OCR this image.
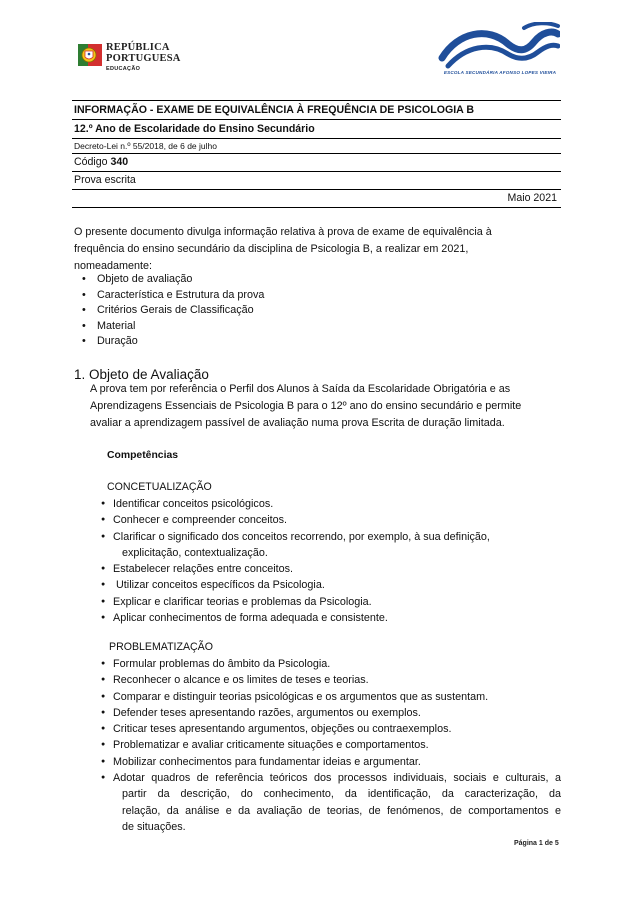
REPÚBLICA
PORTUGUESA
EDUCAÇÃO
ESCOLA SECUNDÁRIA AFONSO LOPES VIEIRA
INFORMAÇÃO - EXAME DE EQUIVALÊNCIA À FREQUÊNCIA DE PSICOLOGIA B
12.º Ano de Escolaridade do Ensino Secundário
Decreto-Lei n.º 55/2018, de 6 de julho
Código 340
Prova escrita
Maio 2021
O presente documento divulga informação relativa à prova de exame de equivalência à
frequência do ensino secundário da disciplina de Psicologia B, a realizar em 2021,
nomeadamente:
• Objeto de avaliação
• Característica e Estrutura da prova
• Critérios Gerais de Classificação
• Material
• Duração
1. Objeto de Avaliação
A prova tem por referência o Perfil dos Alunos à Saída da Escolaridade Obrigatória e as
Aprendizagens Essenciais de Psicologia B para o 12º ano do ensino secundário e permite
avaliar a aprendizagem passível de avaliação numa prova Escrita de duração limitada.
Competências
CONCETUALIZAÇÃO
● Identificar conceitos psicológicos.
● Conhecer e compreender conceitos.
● Clarificar o significado dos conceitos recorrendo, por exemplo, à sua definição,
explicitação, contextualização.
● Estabelecer relações entre conceitos.
●  Utilizar conceitos específicos da Psicologia.
● Explicar e clarificar teorias e problemas da Psicologia.
● Aplicar conhecimentos de forma adequada e consistente.
PROBLEMATIZAÇÃO
● Formular problemas do âmbito da Psicologia.
● Reconhecer o alcance e os limites de teses e teorias.
● Comparar e distinguir teorias psicológicas e os argumentos que as sustentam.
● Defender teses apresentando razões, argumentos ou exemplos.
● Criticar teses apresentando argumentos, objeções ou contraexemplos.
● Problematizar e avaliar criticamente situações e comportamentos.
● Mobilizar conhecimentos para fundamentar ideias e argumentar.
● Adotar quadros de referência teóricos dos processos individuais, sociais e culturais, a
partir da descrição, do conhecimento, da identificação, da caracterização, da
relação, da análise e da avaliação de teorias, de fenómenos, de comportamentos e
de situações.
Página 1 de 5
